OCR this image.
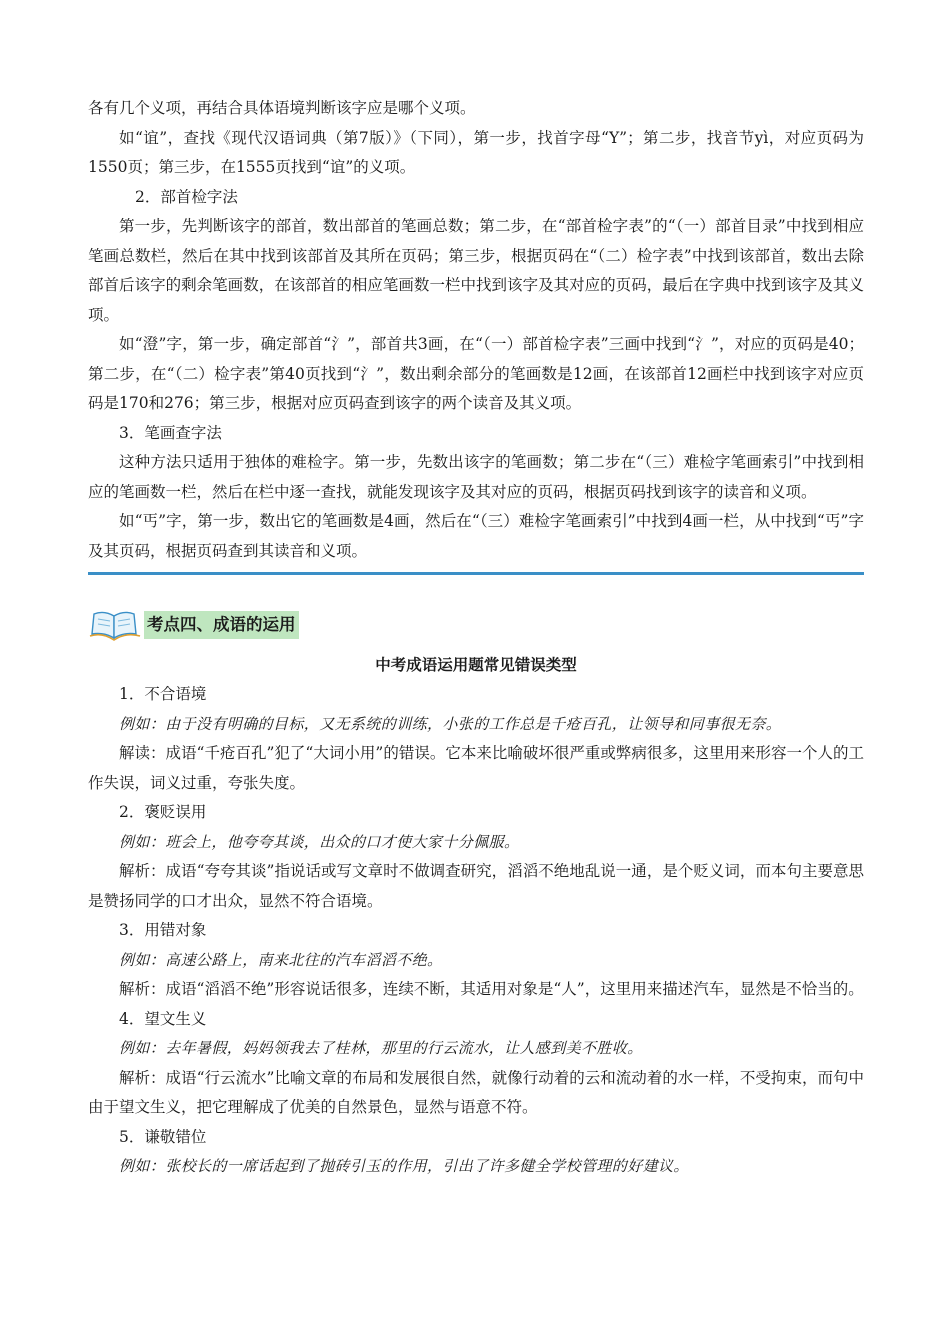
各有几个义项，再结合具体语境判断该字应是哪个义项。

如“谊”，查找《现代汉语词典（第7版）》（下同），第一步，找首字母“Y”；第二步，找音节yì，对应页码为1550页；第三步，在1555页找到“谊”的义项。

2．部首检字法

第一步，先判断该字的部首，数出部首的笔画总数；第二步，在“部首检字表”的“（一）部首目录”中找到相应笔画总数栏，然后在其中找到该部首及其所在页码；第三步，根据页码在“（二）检字表”中找到该部首，数出去除部首后该字的剩余笔画数，在该部首的相应笔画数一栏中找到该字及其对应的页码，最后在字典中找到该字及其义项。

如“澄”字，第一步，确定部首“氵”，部首共3画，在“（一）部首检字表”三画中找到“氵”，对应的页码是40；第二步，在“（二）检字表”第40页找到“氵”，数出剩余部分的笔画数是12画，在该部首12画栏中找到该字对应页码是170和276；第三步，根据对应页码查到该字的两个读音及其义项。

3．笔画查字法

这种方法只适用于独体的难检字。第一步，先数出该字的笔画数；第二步在“（三）难检字笔画索引”中找到相应的笔画数一栏，然后在栏中逐一查找，就能发现该字及其对应的页码，根据页码找到该字的读音和义项。

如“丐”字，第一步，数出它的笔画数是4画，然后在“（三）难检字笔画索引”中找到4画一栏，从中找到“丐”字及其页码，根据页码查到其读音和义项。

考点四、成语的运用
中考成语运用题常见错误类型

1．不合语境

例如：由于没有明确的目标，又无系统的训练，小张的工作总是千疮百孔，让领导和同事很无奈。

解读：成语“千疮百孔”犯了“大词小用”的错误。它本来比喻破坏很严重或弊病很多，这里用来形容一个人的工作失误，词义过重，夸张失度。

2．褒贬误用

例如：班会上，他夸夸其谈，出众的口才使大家十分佩服。

解析：成语“夸夸其谈”指说话或写文章时不做调查研究，滔滔不绝地乱说一通，是个贬义词，而本句主要意思是赞扬同学的口才出众，显然不符合语境。

3．用错对象

例如：高速公路上，南来北往的汽车滔滔不绝。

解析：成语“滔滔不绝”形容说话很多，连续不断，其适用对象是“人”，这里用来描述汽车，显然是不恰当的。

4．望文生义

例如：去年暑假，妈妈领我去了桂林，那里的行云流水，让人感到美不胜收。

解析：成语“行云流水”比喻文章的布局和发展很自然，就像行动着的云和流动着的水一样，不受拘束，而句中由于望文生义，把它理解成了优美的自然景色，显然与语意不符。

5．谦敬错位

例如：张校长的一席话起到了抛砖引玉的作用，引出了许多健全学校管理的好建议。
